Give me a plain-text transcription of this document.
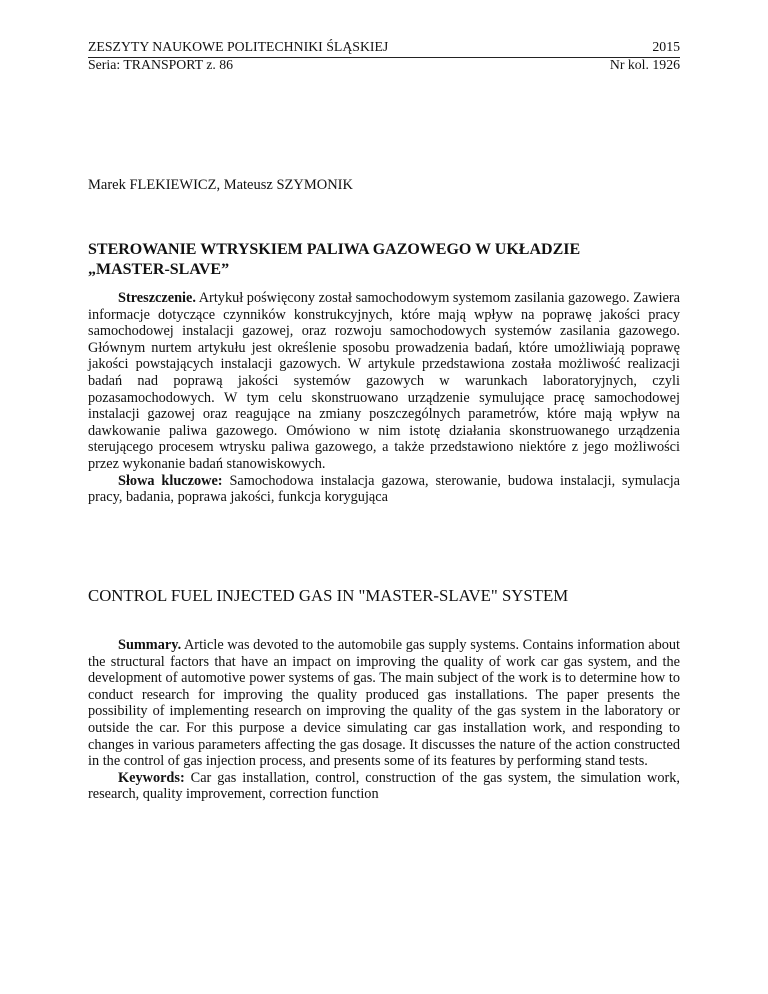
ZESZYTY NAUKOWE POLITECHNIKI ŚLĄSKIEJ	2015
Seria: TRANSPORT z. 86	Nr kol. 1926
Marek FLEKIEWICZ, Mateusz SZYMONIK
STEROWANIE WTRYSKIEM PALIWA GAZOWEGO W UKŁADZIE
„MASTER-SLAVE”

Streszczenie. Artykuł poświęcony został samochodowym systemom zasilania gazowego. Zawiera informacje dotyczące czynników konstrukcyjnych, które mają wpływ na poprawę jakości pracy samochodowej instalacji gazowej, oraz rozwoju samochodowych systemów zasilania gazowego. Głównym nurtem artykułu jest określenie sposobu prowadzenia badań, które umożliwiają poprawę jakości powstających instalacji gazowych. W artykule przedstawiona została możliwość realizacji badań nad poprawą jakości systemów gazowych w warunkach laboratoryjnych, czyli pozasamochodowych. W tym celu skonstruowano urządzenie symulujące pracę samochodowej instalacji gazowej oraz reagujące na zmiany poszczególnych parametrów, które mają wpływ na dawkowanie paliwa gazowego. Omówiono w nim istotę działania skonstruowanego urządzenia sterującego procesem wtrysku paliwa gazowego, a także przedstawiono niektóre z jego możliwości przez wykonanie badań stanowiskowych.

Słowa kluczowe: Samochodowa instalacja gazowa, sterowanie, budowa instalacji, symulacja pracy, badania, poprawa jakości, funkcja korygująca

CONTROL FUEL INJECTED GAS IN "MASTER-SLAVE" SYSTEM

Summary. Article was devoted to the automobile gas supply systems. Contains information about the structural factors that have an impact on improving the quality of work car gas system, and the development of automotive power systems of gas. The main subject of the work is to determine how to conduct research for improving the quality produced gas installations. The paper presents the possibility of implementing research on improving the quality of the gas system in the laboratory or outside the car. For this purpose a device simulating car gas installation work, and responding to changes in various parameters affecting the gas dosage. It discusses the nature of the action constructed in the control of gas injection process, and presents some of its features by performing stand tests.

Keywords: Car gas installation, control, construction of the gas system, the simulation work, research, quality improvement, correction function
